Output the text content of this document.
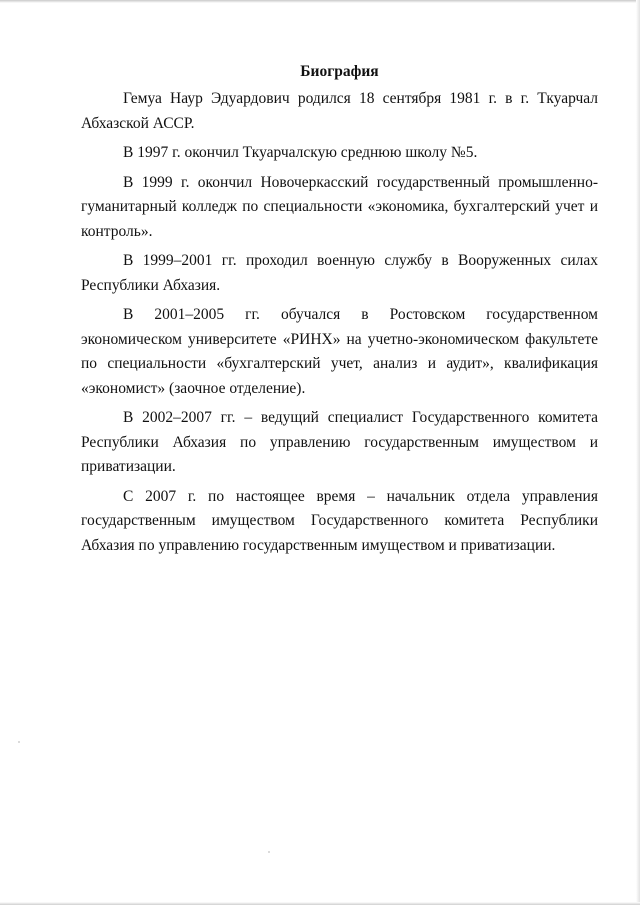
Биография

Гемуа Наур Эдуардович родился 18 сентября 1981 г. в г. Ткуарчал Абхазской АССР.

В 1997 г. окончил Ткуарчалскую среднюю школу №5.

В 1999 г. окончил Новочеркасский государственный промышленно-гуманитарный колледж по специальности «экономика, бухгалтерский учет и контроль».

В 1999–2001 гг. проходил военную службу в Вооруженных силах Республики Абхазия.

В 2001–2005 гг. обучался в Ростовском государственном экономическом университете «РИНХ» на учетно-экономическом факультете по специальности «бухгалтерский учет, анализ и аудит», квалификация «экономист» (заочное отделение).

В 2002–2007 гг. – ведущий специалист Государственного комитета Республики Абхазия по управлению государственным имуществом и приватизации.

С 2007 г. по настоящее время – начальник отдела управления государственным имуществом Государственного комитета Республики Абхазия по управлению государственным имуществом и приватизации.
